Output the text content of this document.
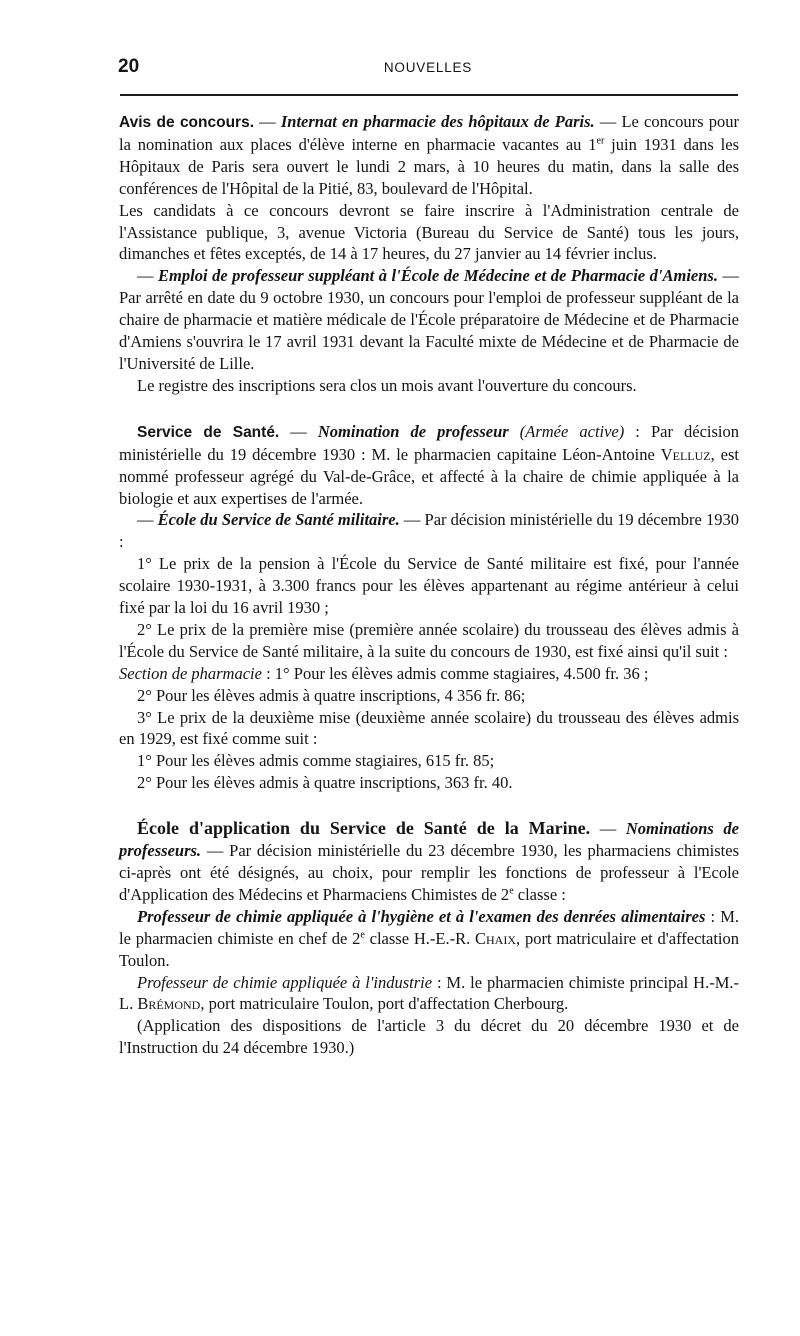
20	NOUVELLES

Avis de concours. — Internat en pharmacie des hôpitaux de Paris. — Le concours pour la nomination aux places d'élève interne en pharmacie vacantes au 1er juin 1931 dans les Hôpitaux de Paris sera ouvert le lundi 2 mars, à 10 heures du matin, dans la salle des conférences de l'Hôpital de la Pitié, 83, boulevard de l'Hôpital.

Les candidats à ce concours devront se faire inscrire à l'Administration centrale de l'Assistance publique, 3, avenue Victoria (Bureau du Service de Santé) tous les jours, dimanches et fêtes exceptés, de 14 à 17 heures, du 27 janvier au 14 février inclus.

— Emploi de professeur suppléant à l'École de Médecine et de Pharmacie d'Amiens. — Par arrêté en date du 9 octobre 1930, un concours pour l'emploi de professeur suppléant de la chaire de pharmacie et matière médicale de l'École préparatoire de Médecine et de Pharmacie d'Amiens s'ouvrira le 17 avril 1931 devant la Faculté mixte de Médecine et de Pharmacie de l'Université de Lille.

Le registre des inscriptions sera clos un mois avant l'ouverture du concours.

Service de Santé. — Nomination de professeur (Armée active) : Par décision ministérielle du 19 décembre 1930 : M. le pharmacien capitaine Léon-Antoine Velluz, est nommé professeur agrégé du Val-de-Grâce, et affecté à la chaire de chimie appliquée à la biologie et aux expertises de l'armée.

— École du Service de Santé militaire. — Par décision ministérielle du 19 décembre 1930 :

1° Le prix de la pension à l'École du Service de Santé militaire est fixé, pour l'année scolaire 1930-1931, à 3.300 francs pour les élèves appartenant au régime antérieur à celui fixé par la loi du 16 avril 1930 ;

2° Le prix de la première mise (première année scolaire) du trousseau des élèves admis à l'École du Service de Santé militaire, à la suite du concours de 1930, est fixé ainsi qu'il suit :

Section de pharmacie : 1° Pour les élèves admis comme stagiaires, 4.500 fr. 36 ;

2° Pour les élèves admis à quatre inscriptions, 4 356 fr. 86;

3° Le prix de la deuxième mise (deuxième année scolaire) du trousseau des élèves admis en 1929, est fixé comme suit :

1° Pour les élèves admis comme stagiaires, 615 fr. 85;

2° Pour les élèves admis à quatre inscriptions, 363 fr. 40.

École d'application du Service de Santé de la Marine. — Nominations de professeurs. — Par décision ministérielle du 23 décembre 1930, les pharmaciens chimistes ci-après ont été désignés, au choix, pour remplir les fonctions de professeur à l'Ecole d'Application des Médecins et Pharmaciens Chimistes de 2e classe :

Professeur de chimie appliquée à l'hygiène et à l'examen des denrées alimentaires : M. le pharmacien chimiste en chef de 2e classe H.-E.-R. Chaix, port matriculaire et d'affectation Toulon.

Professeur de chimie appliquée à l'industrie : M. le pharmacien chimiste principal H.-M.-L. Brémond, port matriculaire Toulon, port d'affectation Cherbourg.

(Application des dispositions de l'article 3 du décret du 20 décembre 1930 et de l'Instruction du 24 décembre 1930.)
